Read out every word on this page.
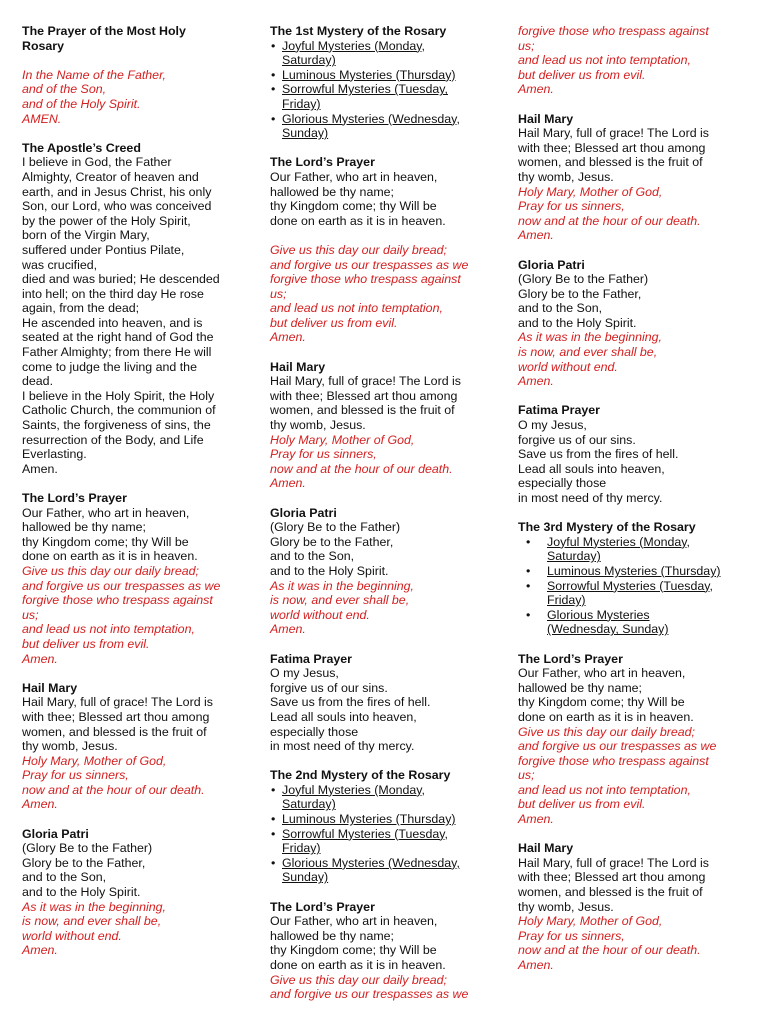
The Prayer of the Most Holy
Rosary
In the Name of the Father,
and of the Son,
and of the Holy Spirit.
AMEN.
The Apostle’s Creed
I believe in God, the Father
Almighty, Creator of heaven and
earth, and in Jesus Christ, his only
Son, our Lord, who was conceived
by the power of the Holy Spirit,
born of the Virgin Mary,
suffered under Pontius Pilate,
was crucified,
died and was buried; He descended
into hell; on the third day He rose
again, from the dead;
He ascended into heaven, and is
seated at the right hand of God the
Father Almighty; from there He will
come to judge the living and the
dead.
I believe in the Holy Spirit, the Holy
Catholic Church, the communion of
Saints, the forgiveness of sins, the
resurrection of the Body, and Life
Everlasting.
Amen.
The Lord’s Prayer
Our Father, who art in heaven,
hallowed be thy name;
thy Kingdom come; thy Will be
done on earth as it is in heaven.
Give us this day our daily bread;
and forgive us our trespasses as we
forgive those who trespass against
us;
and lead us not into temptation,
but deliver us from evil.
Amen.
Hail Mary
Hail Mary, full of grace! The Lord is
with thee; Blessed art thou among
women, and blessed is the fruit of
thy womb, Jesus.
Holy Mary, Mother of God,
Pray for us sinners,
now and at the hour of our death.
Amen.
Gloria Patri
(Glory Be to the Father)
Glory be to the Father,
and to the Son,
and to the Holy Spirit.
As it was in the beginning,
is now, and ever shall be,
world without end.
Amen.
The 1st Mystery of the Rosary
• Joyful Mysteries (Monday,
Saturday)
• Luminous Mysteries (Thursday)
• Sorrowful Mysteries (Tuesday,
Friday)
• Glorious Mysteries (Wednesday,
Sunday)
The Lord’s Prayer
Our Father, who art in heaven,
hallowed be thy name;
thy Kingdom come; thy Will be
done on earth as it is in heaven.
Give us this day our daily bread;
and forgive us our trespasses as we
forgive those who trespass against
us;
and lead us not into temptation,
but deliver us from evil.
Amen.
Hail Mary
Hail Mary, full of grace! The Lord is
with thee; Blessed art thou among
women, and blessed is the fruit of
thy womb, Jesus.
Holy Mary, Mother of God,
Pray for us sinners,
now and at the hour of our death.
Amen.
Gloria Patri
(Glory Be to the Father)
Glory be to the Father,
and to the Son,
and to the Holy Spirit.
As it was in the beginning,
is now, and ever shall be,
world without end.
Amen.
Fatima Prayer
O my Jesus,
forgive us of our sins.
Save us from the fires of hell.
Lead all souls into heaven,
especially those
in most need of thy mercy.
The 2nd Mystery of the Rosary
• Joyful Mysteries (Monday,
Saturday)
• Luminous Mysteries (Thursday)
• Sorrowful Mysteries (Tuesday,
Friday)
• Glorious Mysteries (Wednesday,
Sunday)
The Lord’s Prayer
Our Father, who art in heaven,
hallowed be thy name;
thy Kingdom come; thy Will be
done on earth as it is in heaven.
Give us this day our daily bread;
and forgive us our trespasses as we
forgive those who trespass against
us;
and lead us not into temptation,
but deliver us from evil.
Amen.
Hail Mary
Hail Mary, full of grace! The Lord is
with thee; Blessed art thou among
women, and blessed is the fruit of
thy womb, Jesus.
Holy Mary, Mother of God,
Pray for us sinners,
now and at the hour of our death.
Amen.
Gloria Patri
(Glory Be to the Father)
Glory be to the Father,
and to the Son,
and to the Holy Spirit.
As it was in the beginning,
is now, and ever shall be,
world without end.
Amen.
Fatima Prayer
O my Jesus,
forgive us of our sins.
Save us from the fires of hell.
Lead all souls into heaven,
especially those
in most need of thy mercy.
The 3rd Mystery of the Rosary
• Joyful Mysteries (Monday,
Saturday)
• Luminous Mysteries (Thursday)
• Sorrowful Mysteries (Tuesday,
Friday)
• Glorious Mysteries
(Wednesday, Sunday)
The Lord’s Prayer
Our Father, who art in heaven,
hallowed be thy name;
thy Kingdom come; thy Will be
done on earth as it is in heaven.
Give us this day our daily bread;
and forgive us our trespasses as we
forgive those who trespass against
us;
and lead us not into temptation,
but deliver us from evil.
Amen.
Hail Mary
Hail Mary, full of grace! The Lord is
with thee; Blessed art thou among
women, and blessed is the fruit of
thy womb, Jesus.
Holy Mary, Mother of God,
Pray for us sinners,
now and at the hour of our death.
Amen.
